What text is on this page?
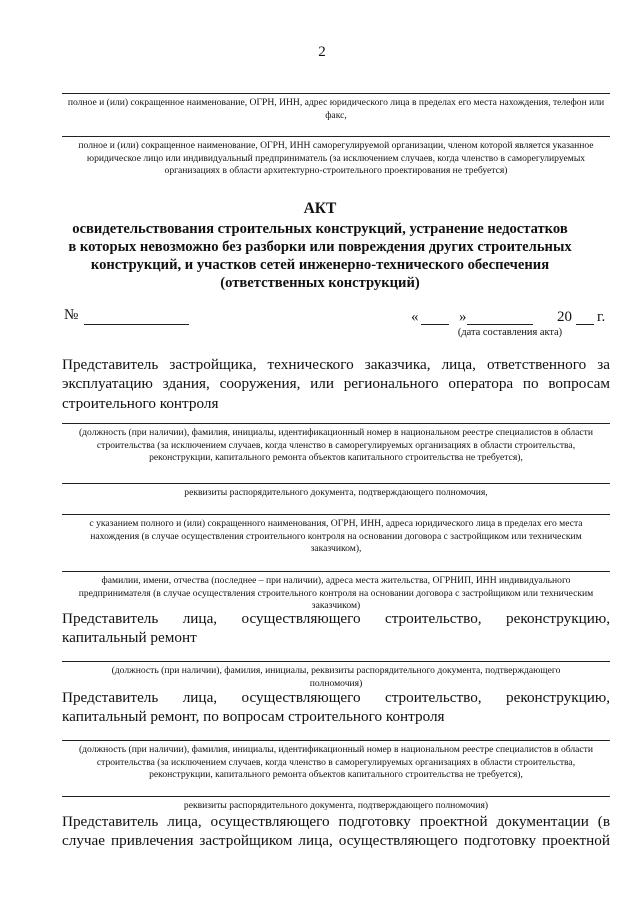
2
полное и (или) сокращенное наименование, ОГРН, ИНН, адрес юридического лица в пределах его места нахождения, телефон или факс,
полное и (или) сокращенное наименование, ОГРН, ИНН саморегулируемой организации, членом которой является указанное юридическое лицо или индивидуальный предприниматель (за исключением случаев, когда членство в саморегулируемых организациях в области архитектурно-строительного проектирования не требуется)
АКТ
освидетельствования строительных конструкций, устранение недостатков
в которых невозможно без разборки или повреждения других строительных
конструкций, и участков сетей инженерно-технического обеспечения
(ответственных конструкций)
№	«	»	20 г.
(дата составления акта)
Представитель застройщика, технического заказчика, лица, ответственного за эксплуатацию здания, сооружения, или регионального оператора по вопросам строительного контроля
(должность (при наличии), фамилия, инициалы, идентификационный номер в национальном реестре специалистов в области строительства (за исключением случаев, когда членство в саморегулируемых организациях в области строительства, реконструкции, капитального ремонта объектов капитального строительства не требуется),
реквизиты распорядительного документа, подтверждающего полномочия,
с указанием полного и (или) сокращенного наименования, ОГРН, ИНН, адреса юридического лица в пределах его места нахождения (в случае осуществления строительного контроля на основании договора с застройщиком или техническим заказчиком),
фамилии, имени, отчества (последнее – при наличии), адреса места жительства, ОГРНИП, ИНН индивидуального предпринимателя (в случае осуществления строительного контроля на основании договора с застройщиком или техническим заказчиком)
Представитель лица, осуществляющего строительство, реконструкцию, капитальный ремонт
(должность (при наличии), фамилия, инициалы, реквизиты распорядительного документа, подтверждающего полномочия)
Представитель лица, осуществляющего строительство, реконструкцию, капитальный ремонт, по вопросам строительного контроля
(должность (при наличии), фамилия, инициалы, идентификационный номер в национальном реестре специалистов в области строительства (за исключением случаев, когда членство в саморегулируемых организациях в области строительства, реконструкции, капитального ремонта объектов капитального строительства не требуется),
реквизиты распорядительного документа, подтверждающего полномочия)
Представитель лица, осуществляющего подготовку проектной документации (в случае привлечения застройщиком лица, осуществляющего подготовку проектной
